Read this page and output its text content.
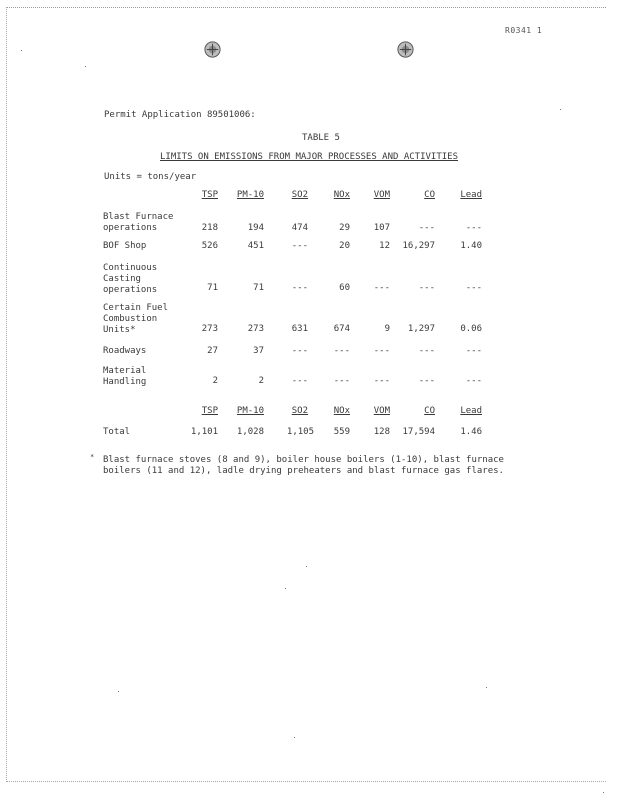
R0341 1
Permit Application 89501006:
TABLE 5
LIMITS ON EMISSIONS FROM MAJOR PROCESSES AND ACTIVITIES
Units = tons/year
TSP	PM-10	SO2	NOx	VOM	CO	Lead
Blast Furnace
operations	218	194	474	29	107	---	---
BOF Shop	526	451	---	20	12	16,297	1.40
Continuous
Casting
operations	71	71	---	60	---	---	---
Certain Fuel
Combustion
Units*	273	273	631	674	9	1,297	0.06
Roadways	27	37	---	---	---	---	---
Material
Handling	2	2	---	---	---	---	---
TSP	PM-10	SO2	NOx	VOM	CO	Lead
Total	1,101	1,028	1,105	559	128	17,594	1.46
* Blast furnace stoves (8 and 9), boiler house boilers (1-10), blast furnace boilers (11 and 12), ladle drying preheaters and blast furnace gas flares.
